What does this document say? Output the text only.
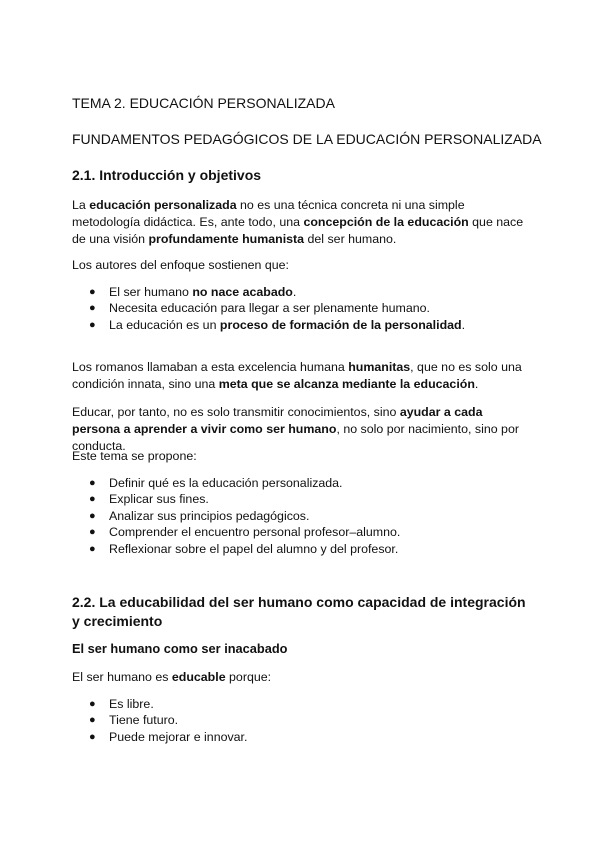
TEMA 2. EDUCACIÓN PERSONALIZADA
FUNDAMENTOS PEDAGÓGICOS DE LA EDUCACIÓN PERSONALIZADA
2.1. Introducción y objetivos

La educación personalizada no es una técnica concreta ni una simple metodología didáctica. Es, ante todo, una concepción de la educación que nace de una visión profundamente humanista del ser humano.

Los autores del enfoque sostienen que:

● El ser humano no nace acabado.
● Necesita educación para llegar a ser plenamente humano.
● La educación es un proceso de formación de la personalidad.

Los romanos llamaban a esta excelencia humana humanitas, que no es solo una condición innata, sino una meta que se alcanza mediante la educación.

Educar, por tanto, no es solo transmitir conocimientos, sino ayudar a cada persona a aprender a vivir como ser humano, no solo por nacimiento, sino por conducta.

Este tema se propone:

● Definir qué es la educación personalizada.
● Explicar sus fines.
● Analizar sus principios pedagógicos.
● Comprender el encuentro personal profesor–alumno.
● Reflexionar sobre el papel del alumno y del profesor.
2.2. La educabilidad del ser humano como capacidad de integración y crecimiento
El ser humano como ser inacabado

El ser humano es educable porque:

● Es libre.
● Tiene futuro.
● Puede mejorar e innovar.
